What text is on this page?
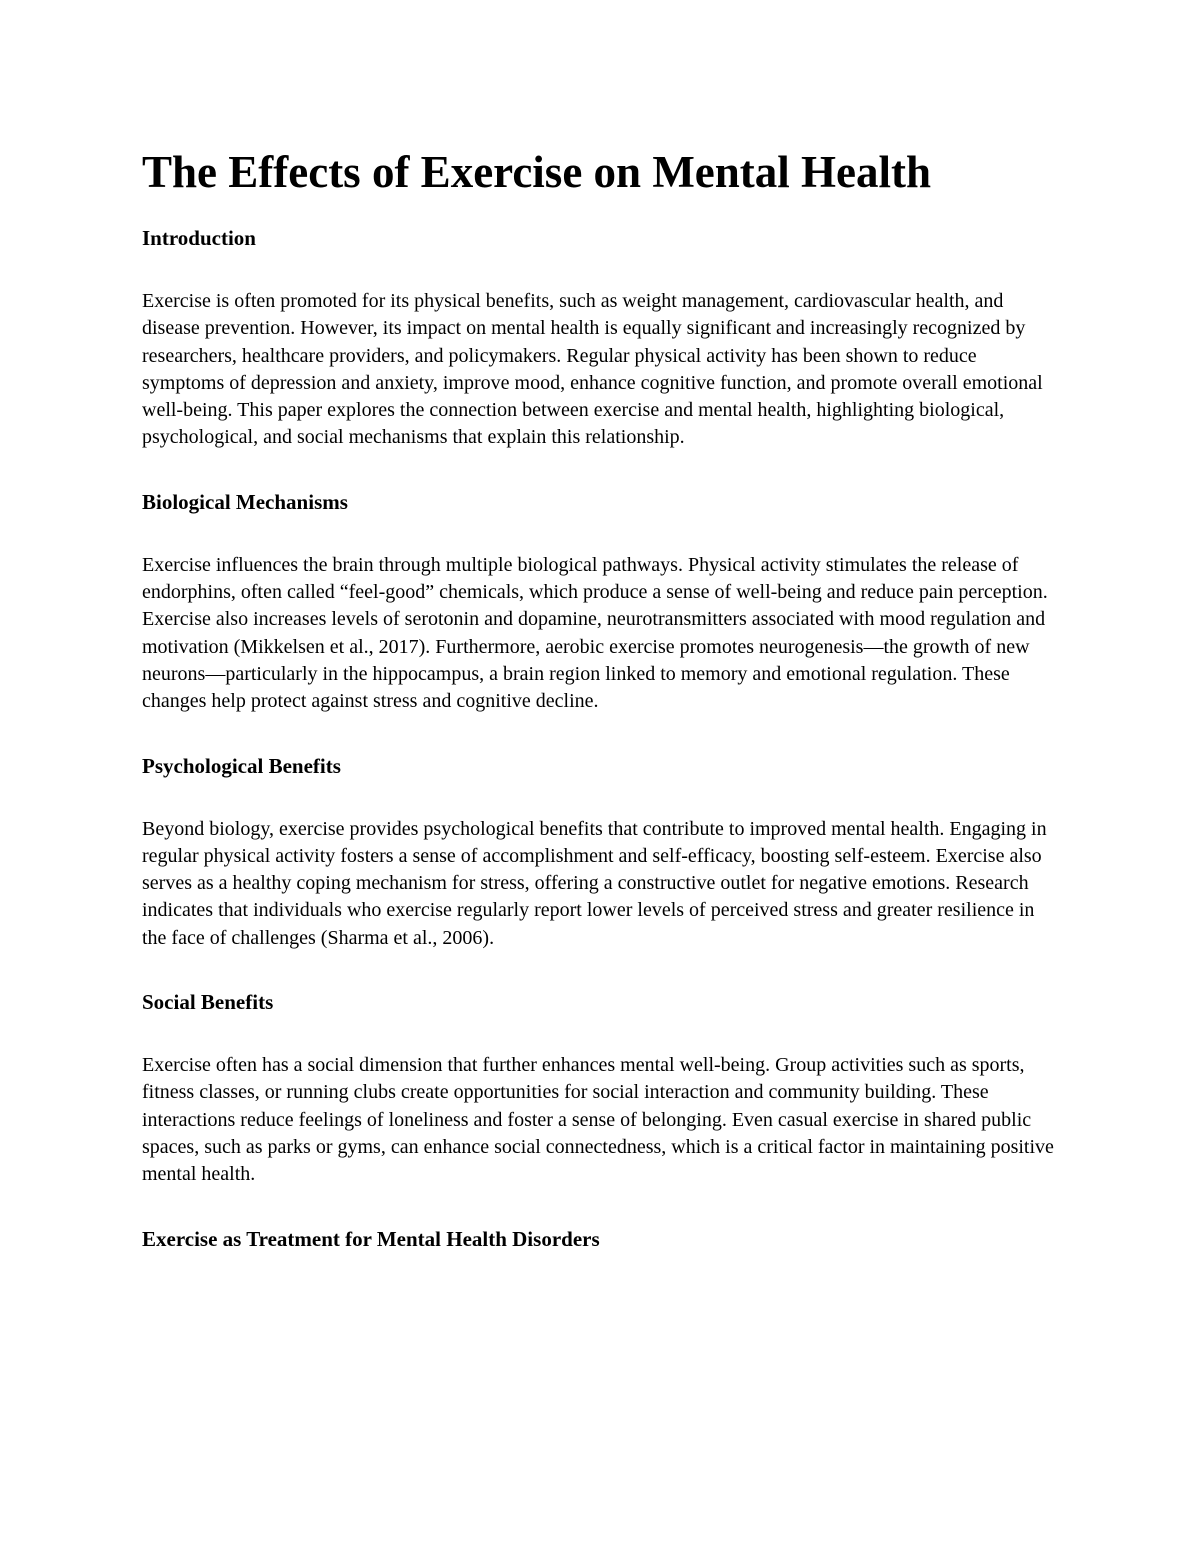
The Effects of Exercise on Mental Health
Introduction

Exercise is often promoted for its physical benefits, such as weight management, cardiovascular health, and disease prevention. However, its impact on mental health is equally significant and increasingly recognized by researchers, healthcare providers, and policymakers. Regular physical activity has been shown to reduce symptoms of depression and anxiety, improve mood, enhance cognitive function, and promote overall emotional well-being. This paper explores the connection between exercise and mental health, highlighting biological, psychological, and social mechanisms that explain this relationship.

Biological Mechanisms

Exercise influences the brain through multiple biological pathways. Physical activity stimulates the release of endorphins, often called “feel-good” chemicals, which produce a sense of well-being and reduce pain perception. Exercise also increases levels of serotonin and dopamine, neurotransmitters associated with mood regulation and motivation (Mikkelsen et al., 2017). Furthermore, aerobic exercise promotes neurogenesis—the growth of new neurons—particularly in the hippocampus, a brain region linked to memory and emotional regulation. These changes help protect against stress and cognitive decline.

Psychological Benefits

Beyond biology, exercise provides psychological benefits that contribute to improved mental health. Engaging in regular physical activity fosters a sense of accomplishment and self-efficacy, boosting self-esteem. Exercise also serves as a healthy coping mechanism for stress, offering a constructive outlet for negative emotions. Research indicates that individuals who exercise regularly report lower levels of perceived stress and greater resilience in the face of challenges (Sharma et al., 2006).

Social Benefits

Exercise often has a social dimension that further enhances mental well-being. Group activities such as sports, fitness classes, or running clubs create opportunities for social interaction and community building. These interactions reduce feelings of loneliness and foster a sense of belonging. Even casual exercise in shared public spaces, such as parks or gyms, can enhance social connectedness, which is a critical factor in maintaining positive mental health.

Exercise as Treatment for Mental Health Disorders
